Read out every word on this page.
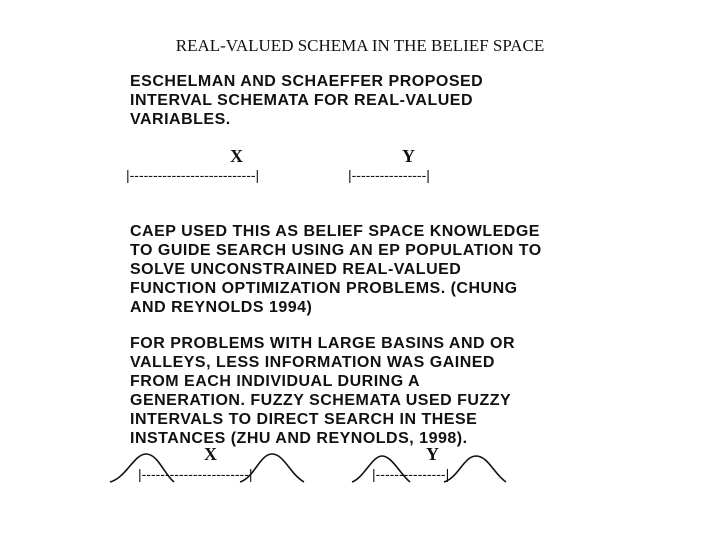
REAL-VALUED SCHEMA IN THE BELIEF SPACE
ESCHELMAN AND SCHAEFFER PROPOSED
INTERVAL SCHEMATA FOR REAL-VALUED
VARIABLES.
X	Y
|---------------------------|	|----------------|
CAEP USED THIS AS BELIEF SPACE KNOWLEDGE
TO GUIDE SEARCH USING AN EP POPULATION TO
SOLVE UNCONSTRAINED REAL-VALUED
FUNCTION OPTIMIZATION PROBLEMS. (CHUNG
AND REYNOLDS 1994)
FOR PROBLEMS WITH LARGE BASINS AND OR
VALLEYS, LESS INFORMATION WAS GAINED
FROM EACH INDIVIDUAL DURING A
GENERATION. FUZZY SCHEMATA USED FUZZY
INTERVALS TO DIRECT SEARCH IN THESE
INSTANCES (ZHU AND REYNOLDS, 1998).
X	Y
|-----------------------|	|---------------|
